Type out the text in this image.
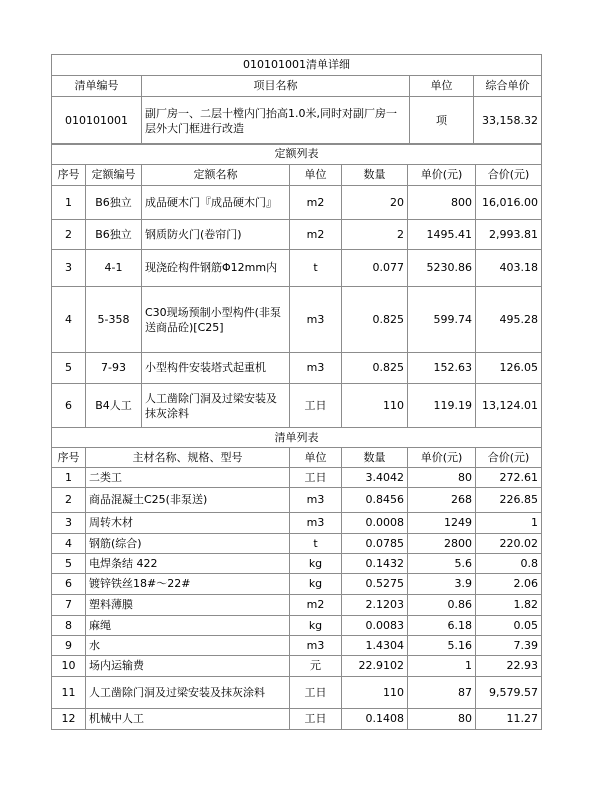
010101001清单详细			
清单编号	项目名称	单位	综合单价
010101001	副厂房一、二层十樘内门抬高1.0米,同时对副厂房一层外大门框进行改造	项	33,158.32
定额列表						
序号	定额编号	定额名称	单位	数量	单价(元)	合价(元)
1	B6独立	成品硬木门『成品硬木门』	m2	20	800	16,016.00
2	B6独立	钢质防火门(卷帘门)	m2	2	1495.41	2,993.81
3	4-1	现浇砼构件钢筋Φ12mm内	t	0.077	5230.86	403.18
4	5-358	C30现场预制小型构件(非泵送商品砼)[C25]	m3	0.825	599.74	495.28
5	7-93	小型构件安装塔式起重机	m3	0.825	152.63	126.05
6	B4人工	人工凿除门洞及过梁安装及抹灰涂料	工日	110	119.19	13,124.01
清单列表						
序号	主材名称、规格、型号		单位	数量	单价(元)	合价(元)
1	二类工		工日	3.4042	80	272.61
2	商品混凝土C25(非泵送)		m3	0.8456	268	226.85
3	周转木材		m3	0.0008	1249	1
4	钢筋(综合)		t	0.0785	2800	220.02
5	电焊条结 422		kg	0.1432	5.6	0.8
6	镀锌铁丝18#～22#		kg	0.5275	3.9	2.06
7	塑料薄膜		m2	2.1203	0.86	1.82
8	麻绳		kg	0.0083	6.18	0.05
9	水		m3	1.4304	5.16	7.39
10	场内运输费		元	22.9102	1	22.93
11	人工凿除门洞及过梁安装及抹灰涂料		工日	110	87	9,579.57
12	机械中人工		工日	0.1408	80	11.27
